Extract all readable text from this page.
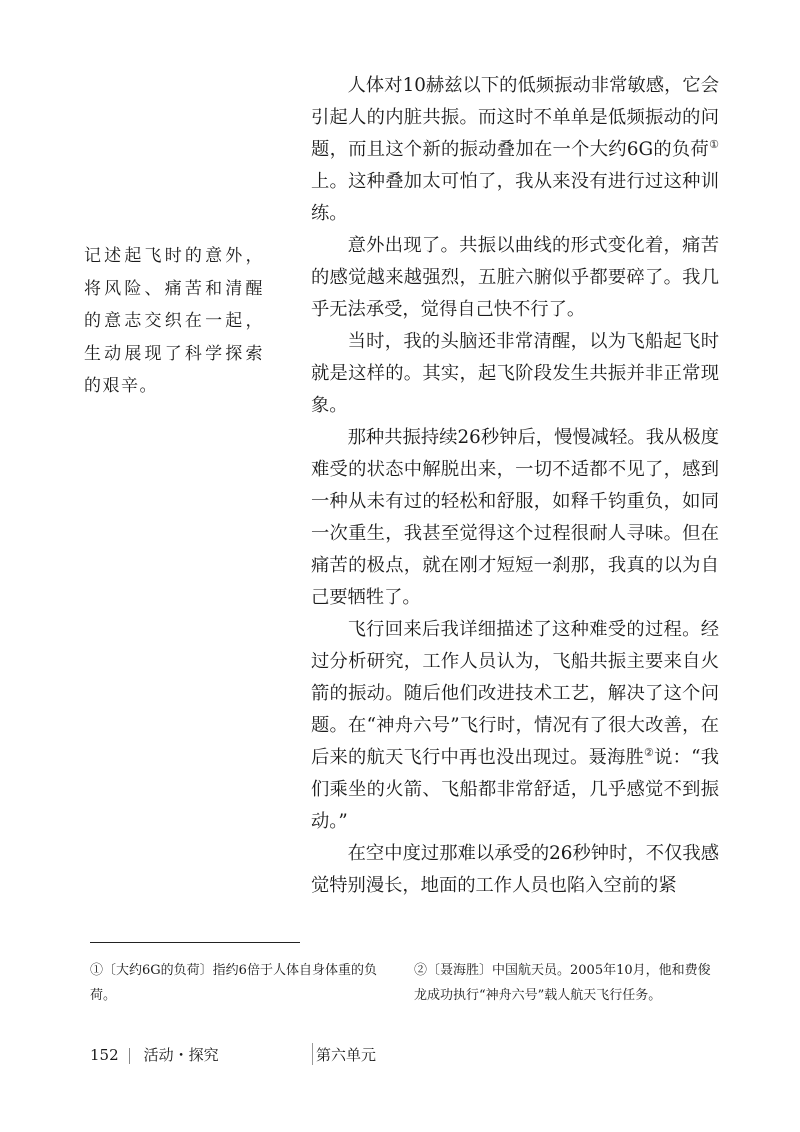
记述起飞时的意外，将风险、痛苦和清醒的意志交织在一起，生动展现了科学探索的艰辛。

人体对10赫兹以下的低频振动非常敏感，它会引起人的内脏共振。而这时不单单是低频振动的问题，而且这个新的振动叠加在一个大约6G的负荷①上。这种叠加太可怕了，我从来没有进行过这种训练。

意外出现了。共振以曲线的形式变化着，痛苦的感觉越来越强烈，五脏六腑似乎都要碎了。我几乎无法承受，觉得自己快不行了。

当时，我的头脑还非常清醒，以为飞船起飞时就是这样的。其实，起飞阶段发生共振并非正常现象。

那种共振持续26秒钟后，慢慢减轻。我从极度难受的状态中解脱出来，一切不适都不见了，感到一种从未有过的轻松和舒服，如释千钧重负，如同一次重生，我甚至觉得这个过程很耐人寻味。但在痛苦的极点，就在刚才短短一刹那，我真的以为自己要牺牲了。

飞行回来后我详细描述了这种难受的过程。经过分析研究，工作人员认为，飞船共振主要来自火箭的振动。随后他们改进技术工艺，解决了这个问题。在“神舟六号”飞行时，情况有了很大改善，在后来的航天飞行中再也没出现过。聂海胜②说：“我们乘坐的火箭、飞船都非常舒适，几乎感觉不到振动。”

在空中度过那难以承受的26秒钟时，不仅我感觉特别漫长，地面的工作人员也陷入空前的紧

①〔大约6G的负荷〕指约6倍于人体自身体重的负荷。
②〔聂海胜〕中国航天员。2005年10月，他和费俊龙成功执行“神舟六号”载人航天飞行任务。
152 活动・探究	第六单元
